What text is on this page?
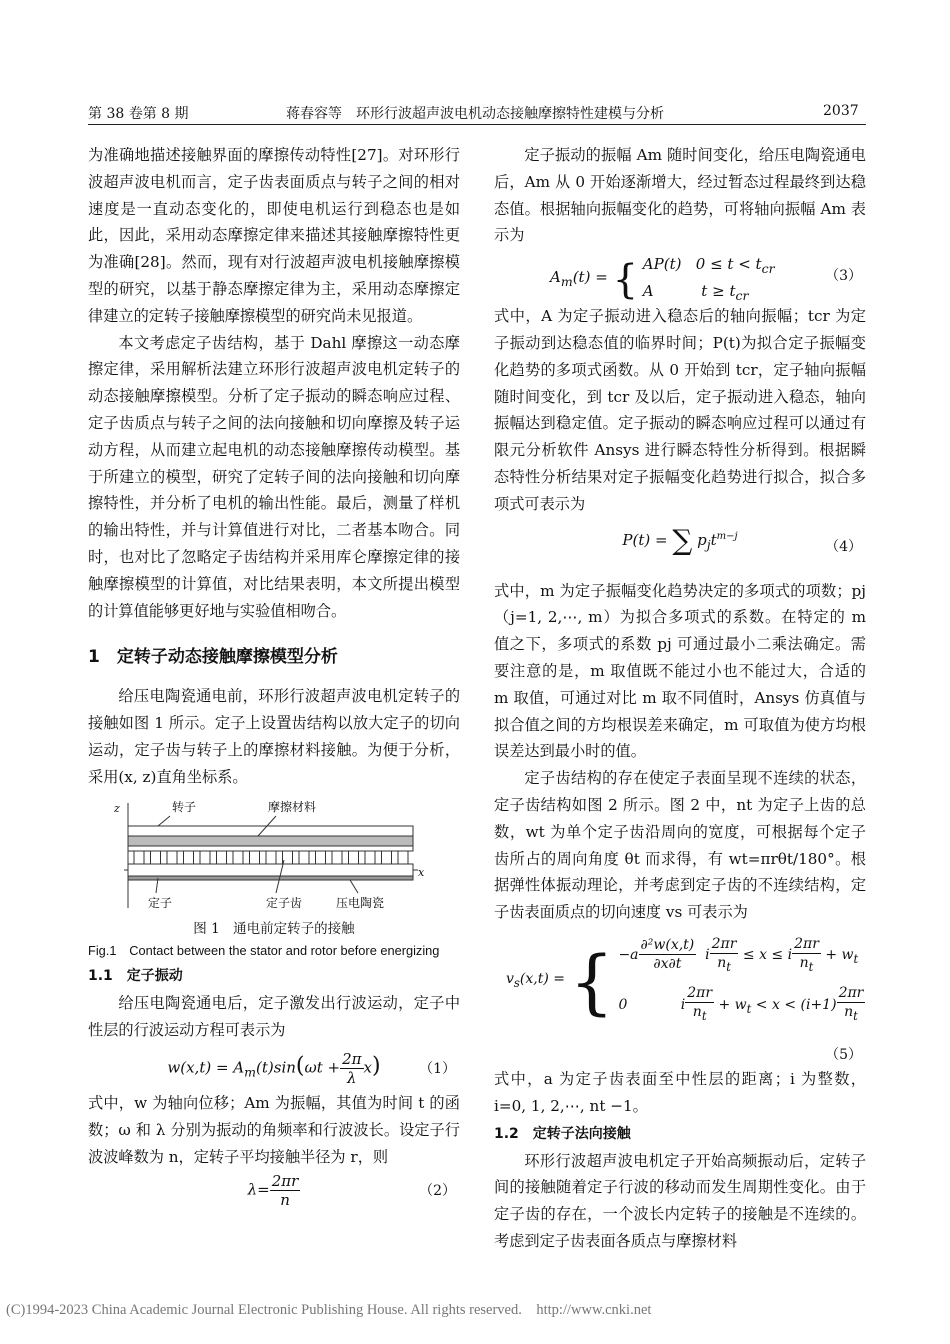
第 38 卷第 8 期	蒋春容等　环形行波超声波电机动态接触摩擦特性建模与分析	2037

为准确地描述接触界面的摩擦传动特性[27]。对环形行波超声波电机而言，定子齿表面质点与转子之间的相对速度是一直动态变化的，即使电机运行到稳态也是如此，因此，采用动态摩擦定律来描述其接触摩擦特性更为准确[28]。然而，现有对行波超声波电机接触摩擦模型的研究，以基于静态摩擦定律为主，采用动态摩擦定律建立的定转子接触摩擦模型的研究尚未见报道。

本文考虑定子齿结构，基于 Dahl 摩擦这一动态摩擦定律，采用解析法建立环形行波超声波电机定转子的动态接触摩擦模型。分析了定子振动的瞬态响应过程、定子齿质点与转子之间的法向接触和切向摩擦及转子运动方程，从而建立起电机的动态接触摩擦传动模型。基于所建立的模型，研究了定转子间的法向接触和切向摩擦特性，并分析了电机的输出性能。最后，测量了样机的输出特性，并与计算值进行对比，二者基本吻合。同时，也对比了忽略定子齿结构并采用库仑摩擦定律的接触摩擦模型的计算值，对比结果表明，本文所提出模型的计算值能够更好地与实验值相吻合。

1　定转子动态接触摩擦模型分析

给压电陶瓷通电前，环形行波超声波电机定转子的接触如图 1 所示。定子上设置齿结构以放大定子的切向运动，定子齿与转子上的摩擦材料接触。为便于分析，采用(x, z)直角坐标系。

z
x
转子	摩擦材料
定子	定子齿	压电陶瓷
图 1　通电前定转子的接触
Fig.1　Contact between the stator and rotor before energizing
1.1　定子振动

给压电陶瓷通电后，定子激发出行波运动，定子中性层的行波运动方程可表示为

$w(x,t) = A_m(t)\sin(\omega t + \frac{2\pi}{\lambda} x)$	（1）

式中，w 为轴向位移；Am 为振幅，其值为时间 t 的函数；ω 和 λ 分别为振动的角频率和行波波长。设定子行波波峰数为 n，定转子平均接触半径为 r，则

$\lambda= \frac{2\pi r}{n}$	（2）

定子振动的振幅 Am 随时间变化，给压电陶瓷通电后，Am 从 0 开始逐渐增大，经过暂态过程最终到达稳态值。根据轴向振幅变化的趋势，可将轴向振幅 Am 表示为

$A_m(t)$ = { AP(t)   $0 \le t < t_{cr}$
A          $t \ge t_{cr}$
（3）

式中，A 为定子振动进入稳态后的轴向振幅；tcr 为定子振动到达稳态值的临界时间；P(t)为拟合定子振幅变化趋势的多项式函数。从 0 开始到 tcr，定子轴向振幅随时间变化，到 tcr 及以后，定子振动进入稳态，轴向振幅达到稳定值。定子振动的瞬态响应过程可以通过有限元分析软件 Ansys 进行瞬态特性分析得到。根据瞬态特性分析结果对定子振幅变化趋势进行拟合，拟合多项式可表示为

P(t) = ∑ $p_jt^{m-j}$
（4）

式中，m 为定子振幅变化趋势决定的多项式的项数；pj（j=1, 2,⋯, m）为拟合多项式的系数。在特定的 m 值之下，多项式的系数 pj 可通过最小二乘法确定。需要注意的是，m 取值既不能过小也不能过大，合适的 m 取值，可通过对比 m 取不同值时，Ansys 仿真值与拟合值之间的方均根误差来确定，m 可取值为使方均根误差达到最小时的值。

定子齿结构的存在使定子表面呈现不连续的状态，定子齿结构如图 2 所示。图 2 中，nt 为定子上齿的总数，wt 为单个定子齿沿周向的宽度，可根据每个定子齿所占的周向角度 θt 而求得，有 wt=πrθt/180°。根据弹性体振动理论，并考虑到定子齿的不连续结构，定子齿表面质点的切向速度 vs 可表示为

$v_s(x,t)$ = { $-a \frac{\text{∂²w(x,t)}}{\partial x\partial t}$ i $\frac{2\pi r}{n_t} \le x \le i \frac{2\pi r}{n_t} + w_t$
0            i $\frac{2\pi r}{n_t} + w_t < x < (i+1) \frac{2\pi r}{n_t}$
（5）

式中，a 为定子齿表面至中性层的距离；i 为整数，i=0, 1, 2,⋯, nt −1。

1.2　定转子法向接触

环形行波超声波电机定子开始高频振动后，定转子间的接触随着定子行波的移动而发生周期性变化。由于定子齿的存在，一个波长内定转子的接触是不连续的。考虑到定子齿表面各质点与摩擦材料

(C)1994-2023 China Academic Journal Electronic Publishing House. All rights reserved.　http://www.cnki.net
